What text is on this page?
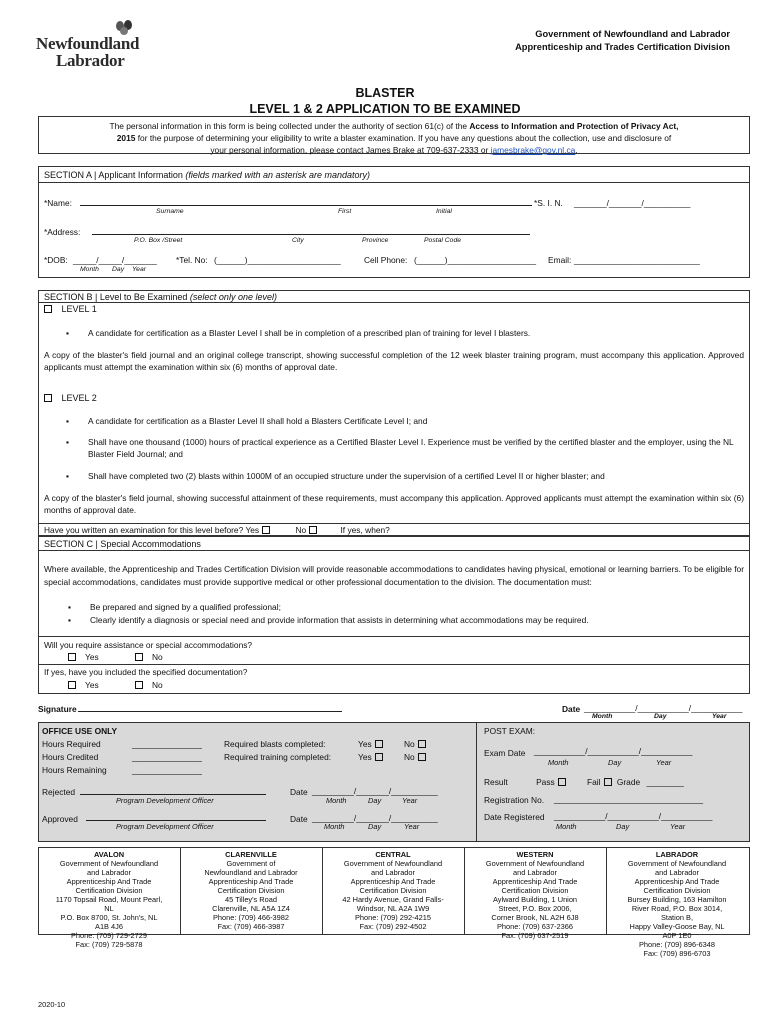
Newfoundland
Labrador
Government of Newfoundland and Labrador
Apprenticeship and Trades Certification Division
BLASTER
LEVEL 1 & 2 APPLICATION TO BE EXAMINED
The personal information in this form is being collected under the authority of section 61(c) of the Access to Information and Protection of Privacy Act,
2015 for the purpose of determining your eligibility to write a blaster examination. If you have any questions about the collection, use and disclosure of
your personal information, please contact James Brake at 709-637-2333 or jamesbrake@gov.nl.ca.
SECTION A | Applicant Information (fields marked with an asterisk are mandatory)
*Name:	*S. I. N. _______/_______/__________
Surname	First	Initial
*Address:
P.O. Box /Street	City	Province	Postal Code
*DOB: _____/_____/_______ *Tel. No: (______)____________________	Cell Phone: (______)___________________ Email: ___________________________
Month Day Year
SECTION B | Level to Be Examined (select only one level)
LEVEL 1
▪ A candidate for certification as a Blaster Level I shall be in completion of a prescribed plan of training for level I blasters.
A copy of the blaster's field journal and an original college transcript, showing successful completion of the 12 week blaster training program, must accompany this application. Approved applicants must attempt the examination within six (6) months of approval date.
LEVEL 2
▪ A candidate for certification as a Blaster Level II shall hold a Blasters Certificate Level I; and
▪ Shall have one thousand (1000) hours of practical experience as a Certified Blaster Level I. Experience must be verified by the certified blaster and the employer, using the NL Blaster Field Journal; and
▪ Shall have completed two (2) blasts within 1000M of an occupied structure under the supervision of a certified Level II or higher blaster; and
A copy of the blaster's field journal, showing successful attainment of these requirements, must accompany this application. Approved applicants must attempt the examination within six (6) months of approval date.
Have you written an examination for this level before? Yes	No	If yes, when?
SECTION C | Special Accommodations
Where available, the Apprenticeship and Trades Certification Division will provide reasonable accommodations to candidates having physical, emotional or learning barriers. To be eligible for special accommodations, candidates must provide supportive medical or other professional documentation to the division. The documentation must:
▪ Be prepared and signed by a qualified professional;
▪ Clearly identify a diagnosis or special need and provide information that assists in determining what accommodations may be required.
Will you require assistance or special accommodations?
Yes	No
If yes, have you included the specified documentation?
Yes	No
Signature	Date ___________/___________/___________
Month	Day	Year
OFFICE USE ONLY
Hours Required	_______________
Hours Credited	_______________
Hours Remaining	_______________
Required blasts completed:
Required training completed:
Yes	No
Yes	No
Rejected
Program Development Officer
Date _________/_______/__________
Month	Day	Year
Approved
Program Development Officer
Date _________/_______/__________
Month	Day	Year
POST EXAM:
Exam Date ___________/___________/___________
Month	Day	Year
Result	Pass	Fail Grade ________
Registration No. ________________________________
Date Registered ___________/___________/___________
Month	Day	Year
AVALON
Government of Newfoundland
and Labrador
Apprenticeship And Trade
Certification Division
1170 Topsail Road, Mount Pearl,
NL
P.O. Box 8700, St. John's, NL
A1B 4J6
Phone: (709) 729-2729
Fax: (709) 729-5878
CLARENVILLE
Government of
Newfoundland and Labrador
Apprenticeship And Trade
Certification Division
45 Tilley's Road
Clarenville, NL A5A 1Z4
Phone: (709) 466-3982
Fax: (709) 466-3987
CENTRAL
Government of Newfoundland
and Labrador
Apprenticeship And Trade
Certification Division
42 Hardy Avenue, Grand Falls-
Windsor, NL A2A 1W9
Phone: (709) 292-4215
Fax: (709) 292-4502
WESTERN
Government of Newfoundland
and Labrador
Apprenticeship And Trade
Certification Division
Aylward Building, 1 Union
Street, P.O. Box 2006,
Corner Brook, NL A2H 6J8
Phone: (709) 637-2366
Fax: (709) 637-2519
LABRADOR
Government of Newfoundland
and Labrador
Apprenticeship And Trade
Certification Division
Bursey Building, 163 Hamilton
River Road, P.O. Box 3014,
Station B,
Happy Valley-Goose Bay, NL
A0P 1E0
Phone: (709) 896-6348
Fax: (709) 896-6703
2020-10
